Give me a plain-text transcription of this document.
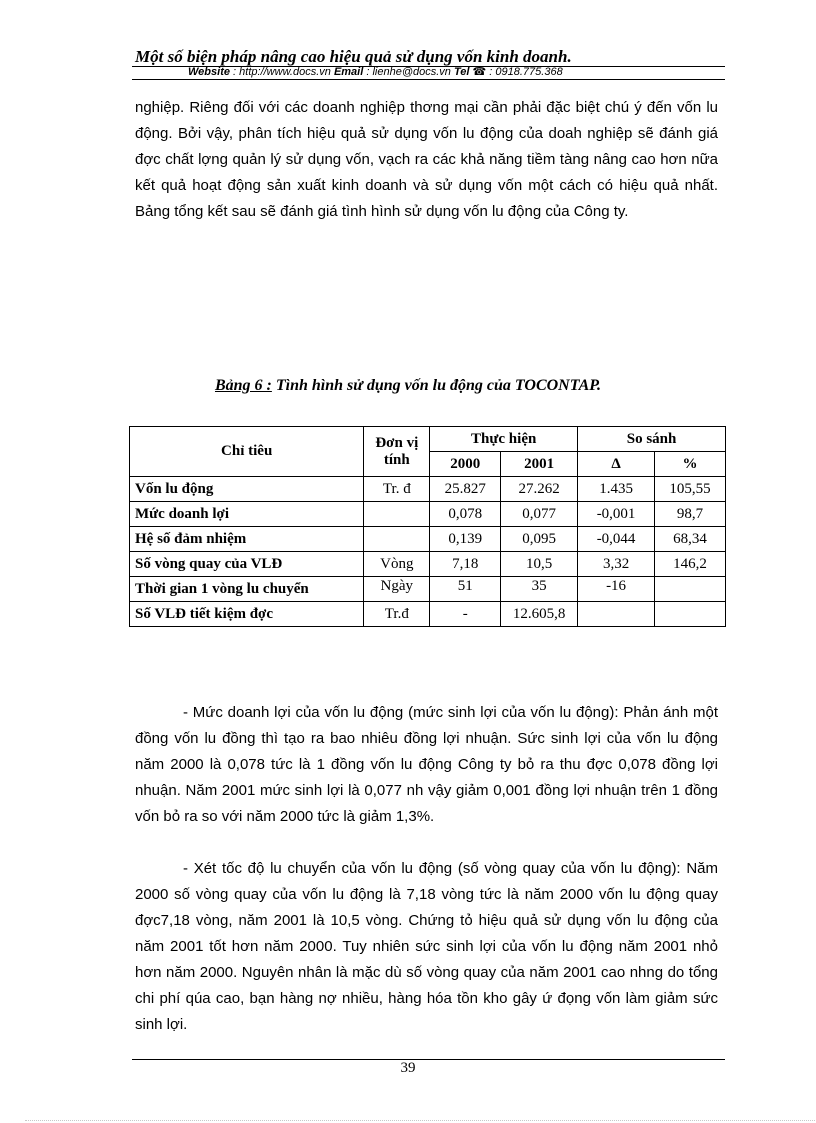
Một số biện pháp nâng cao hiệu quả sử dụng vốn kinh doanh.
Website : http://www.docs.vn Email : lienhe@docs.vn Tel ☎ : 0918.775.368
nghiệp. Riêng đối với các doanh nghiệp thơng mại cần phải đặc biệt chú ý đến vốn lu động. Bởi vậy, phân tích hiệu quả sử dụng vốn lu động của doah nghiệp sẽ đánh giá đợc chất lợng quản lý sử dụng vốn, vạch ra các khả năng tiềm tàng nâng cao hơn nữa kết quả hoạt động sản xuất kinh doanh và sử dụng vốn một cách có hiệu quả nhất. Bảng tổng kết sau sẽ đánh giá tình hình sử dụng vốn lu động của Công ty.
Bảng 6 : Tình hình sử dụng vốn lu động của TOCONTAP.
Chỉ tiêu	Đơn vị tính	Thực hiện		So sánh	
		2000	2001	Δ	%
Vốn lu động	Tr. đ	25.827	27.262	1.435	105,55
Mức doanh lợi		0,078	0,077	-0,001	98,7
Hệ số đảm nhiệm		0,139	0,095	-0,044	68,34
Số vòng quay của VLĐ	Vòng	7,18	10,5	3,32	146,2
Thời gian 1 vòng lu chuyển	Ngày	51	35	-16	
Số VLĐ tiết kiệm đợc	Tr.đ	-	12.605,8		
- Mức doanh lợi của vốn lu động (mức sinh lợi của vốn lu động): Phản ánh một đồng vốn lu đồng thì tạo ra bao nhiêu đồng lợi nhuận. Sức sinh lợi của vốn lu động năm 2000 là 0,078 tức là 1 đồng vốn lu động Công ty bỏ ra thu đợc 0,078 đồng lợi nhuận. Năm 2001 mức sinh lợi là 0,077 nh vậy giảm 0,001 đồng lợi nhuận trên 1 đồng vốn bỏ ra so với năm 2000 tức là giảm 1,3%.
- Xét tốc độ lu chuyển của vốn lu động (số vòng quay của vốn lu động): Năm 2000 số vòng quay của vốn lu động là 7,18 vòng tức là năm 2000 vốn lu động quay đợc7,18 vòng, năm 2001 là 10,5 vòng. Chứng tỏ hiệu quả sử dụng vốn lu động của năm 2001 tốt hơn năm 2000. Tuy nhiên sức sinh lợi của vốn lu động năm 2001 nhỏ hơn năm 2000. Nguyên nhân là mặc dù số vòng quay của năm 2001 cao nhng do tổng chi phí qúa cao, bạn hàng nợ nhiều, hàng hóa tồn kho gây ứ đọng vốn làm giảm sức sinh lợi.
39
